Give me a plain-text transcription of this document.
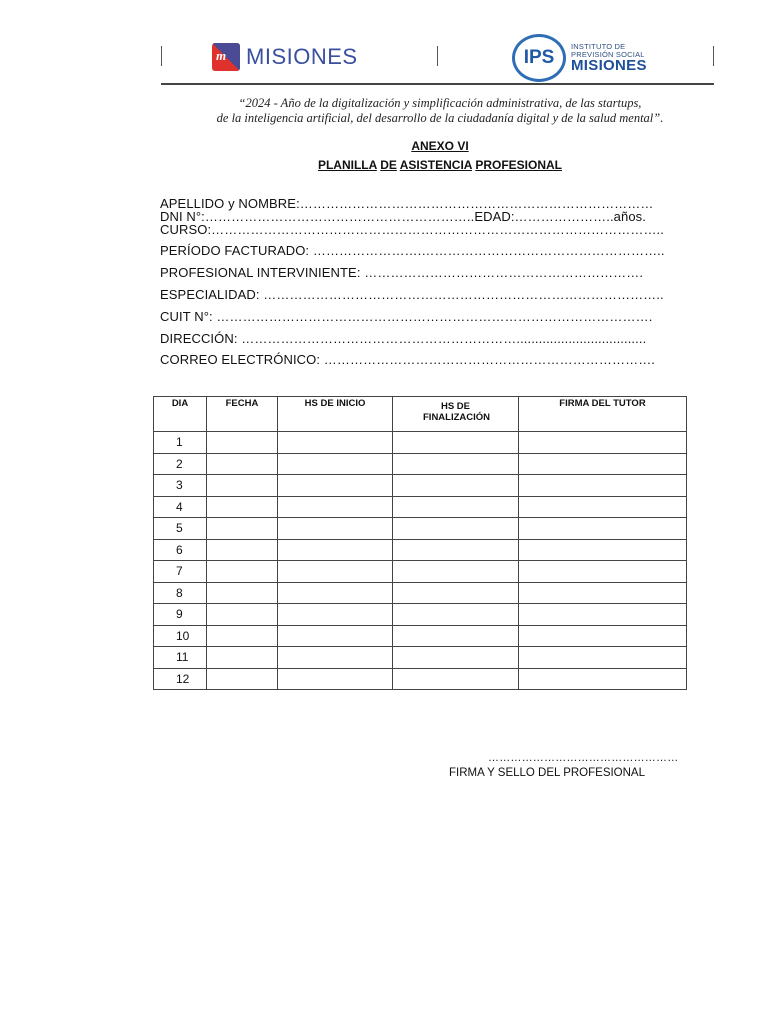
m MISIONES	IPS
INSTITUTO DE
PREVISIÓN SOCIAL
MISIONES
“2024 - Año de la digitalización y simplificación administrativa, de las startups,
de la inteligencia artificial, del desarrollo de la ciudadanía digital y de la salud mental”.
ANEXO VI
PLANILLA DE ASISTENCIA PROFESIONAL
APELLIDO y NOMBRE:………………………………………………………………………
DNI N°:……………………………………………………..EDAD:…………………..años.
CURSO:…………………………………………………………………………………………..
PERÍODO FACTURADO: …………………….………………………………………………..
PROFESIONAL INTERVINIENTE: ……………………………………………………….
ESPECIALIDAD: ………………………………………………………………………………..
CUIT N°: ……………………………………………………………………………………….
DIRECCIÓN: ………………………………………………………...................................
CORREO ELECTRÓNICO: ………………………………………………………………….
DIA	FECHA	HS DE INICIO	HS DE FINALIZACIÓN	FIRMA DEL TUTOR
1				
2				
3				
4				
5				
6				
7				
8				
9				
10				
11				
12				
……………………………………………
FIRMA Y SELLO DEL PROFESIONAL
